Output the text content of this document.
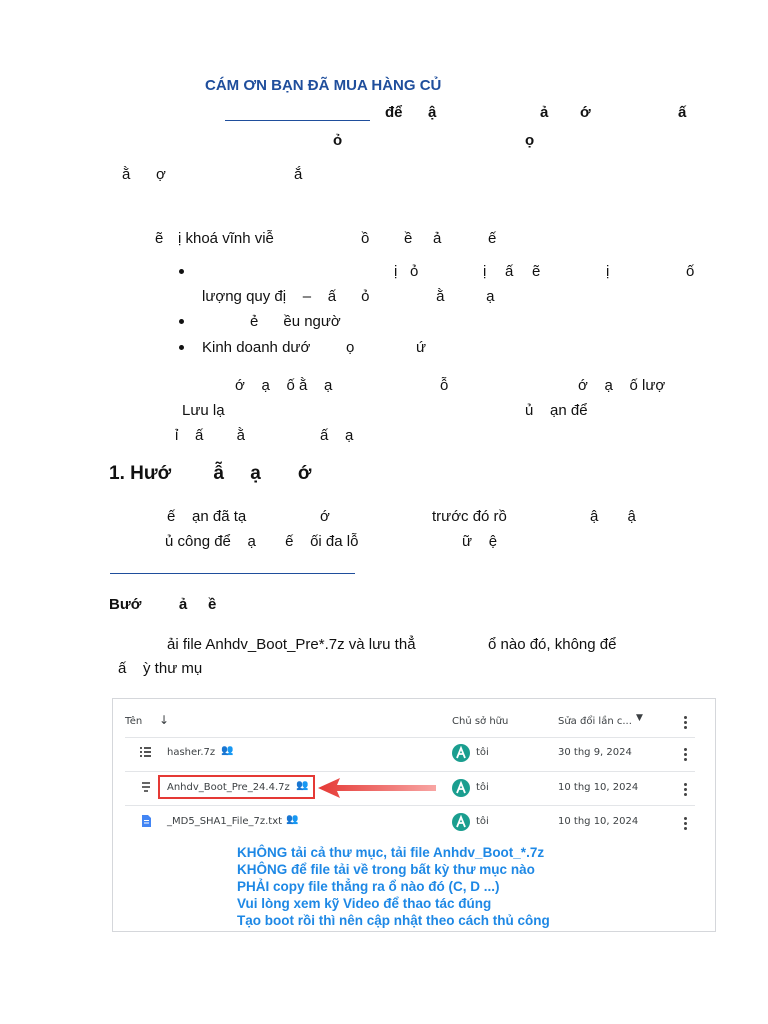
CÁM ƠN BẠN ĐÃ MUA HÀNG CỦ
để ậ	ả ớ	ấ
ỏ	ọ
ằ ợ	ắ
ẽ ị khoá vĩnh viễ	ồ ề ả	ế
ị ỏ	ị ấ ẽ	ị	ố
lượng quy đị    –    ấ      ỏ                ằ          ạ
ẻ      ều ngườ
Kinh doanh dướ ọ	ứ
ớ    ạ    ố ằ    ạ	ỗ	ớ    ạ    ố lượ
Lưu lạ	ủ    ạn để
ỉ    ấ        ằ                  ấ    ạ
1. Hướ        ẫ     ạ       ớ
ế    ạn đã tạ	ớ	trước đó rồ	ậ       ậ
ủ công để    ạ       ế    ối đa lỗ	ữ    ệ
Bướ         ả     ề
ải file Anhdv_Boot_Pre*.7z và lưu thẳ	ổ nào đó, không để
ấ    ỳ thư mụ
Tên ↓	Chủ sở hữu	Sửa đổi lần c... ▼
hasher.7z 👥	tôi	30 thg 9, 2024
Anhdv_Boot_Pre_24.4.7z 👥	tôi	10 thg 10, 2024
_MD5_SHA1_File_7z.txt 👥	tôi	10 thg 10, 2024
KHÔNG tải cả thư mục, tải file Anhdv_Boot_*.7z
KHÔNG để file tải về trong bất kỳ thư mục nào
PHẢI copy file thẳng ra ổ nào đó (C, D ...)
Vui lòng xem kỹ Video để thao tác đúng
Tạo boot rồi thì nên cập nhật theo cách thủ công
